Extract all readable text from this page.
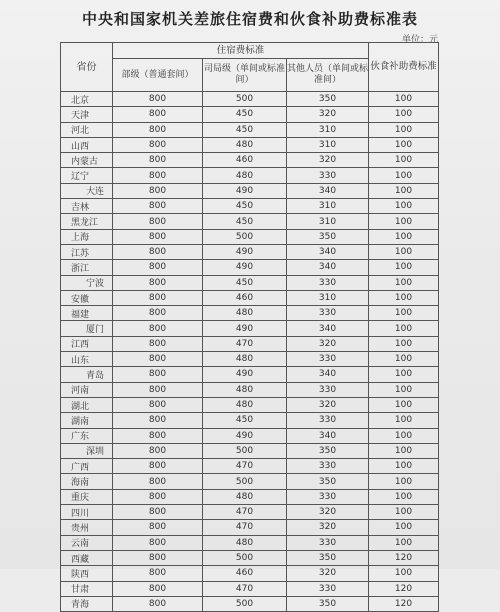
中央和国家机关差旅住宿费和伙食补助费标准表
单位：元
省份	住宿费标准			伙食补助费标准
	部级（普通套间）	司局级（单间或标准间）	其他人员（单间或标准间）	
北京	800	500	350	100
天津	800	450	320	100
河北	800	450	310	100
山西	800	480	310	100
内蒙古	800	460	320	100
辽宁	800	480	330	100
大连	800	490	340	100
吉林	800	450	310	100
黑龙江	800	450	310	100
上海	800	500	350	100
江苏	800	490	340	100
浙江	800	490	340	100
宁波	800	450	330	100
安徽	800	460	310	100
福建	800	480	330	100
厦门	800	490	340	100
江西	800	470	320	100
山东	800	480	330	100
青岛	800	490	340	100
河南	800	480	330	100
湖北	800	480	320	100
湖南	800	450	330	100
广东	800	490	340	100
深圳	800	500	350	100
广西	800	470	330	100
海南	800	500	350	100
重庆	800	480	330	100
四川	800	470	320	100
贵州	800	470	320	100
云南	800	480	330	100
西藏	800	500	350	120
陕西	800	460	320	100
甘肃	800	470	330	120
青海	800	500	350	120
